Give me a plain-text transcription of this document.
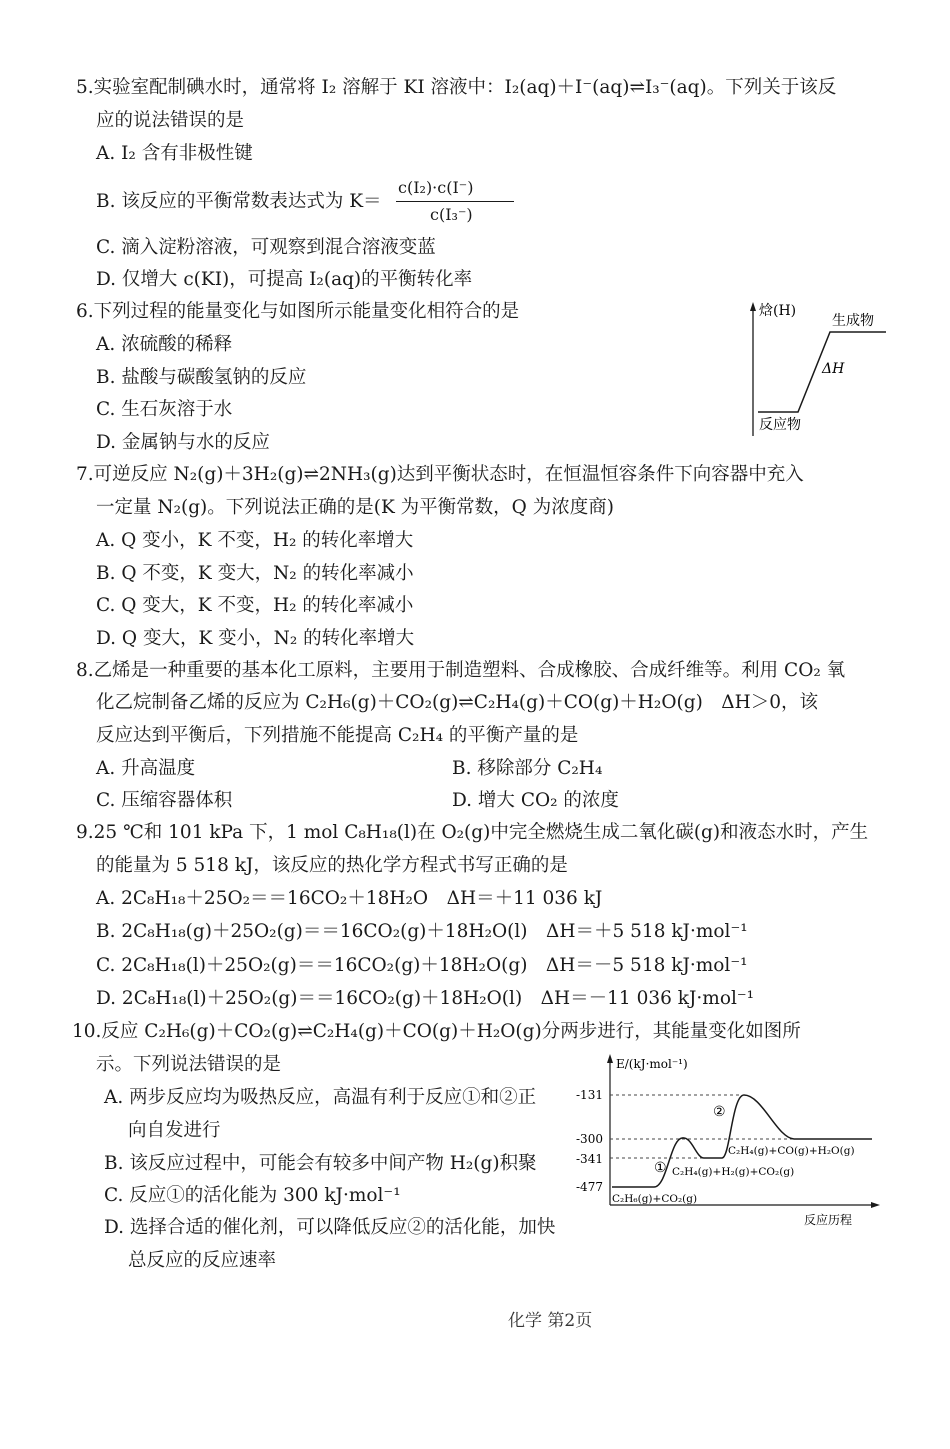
5.实验室配制碘水时，通常将 I₂ 溶解于 KI 溶液中：I₂(aq)＋I⁻(aq)⇌I₃⁻(aq)。下列关于该反
应的说法错误的是
A. I₂ 含有非极性键
B. 该反应的平衡常数表达式为 K＝
c(I₂)·c(I⁻)
c(I₃⁻)
C. 滴入淀粉溶液，可观察到混合溶液变蓝
D. 仅增大 c(KI)，可提高 I₂(aq)的平衡转化率
6.下列过程的能量变化与如图所示能量变化相符合的是
A. 浓硫酸的稀释
B. 盐酸与碳酸氢钠的反应
C. 生石灰溶于水
D. 金属钠与水的反应
焓(H)
生成物
ΔH
反应物
7.可逆反应 N₂(g)＋3H₂(g)⇌2NH₃(g)达到平衡状态时，在恒温恒容条件下向容器中充入
一定量 N₂(g)。下列说法正确的是(K 为平衡常数，Q 为浓度商)
A. Q 变小，K 不变，H₂ 的转化率增大
B. Q 不变，K 变大，N₂ 的转化率减小
C. Q 变大，K 不变，H₂ 的转化率减小
D. Q 变大，K 变小，N₂ 的转化率增大
8.乙烯是一种重要的基本化工原料，主要用于制造塑料、合成橡胶、合成纤维等。利用 CO₂ 氧
化乙烷制备乙烯的反应为 C₂H₆(g)＋CO₂(g)⇌C₂H₄(g)＋CO(g)＋H₂O(g)　ΔH＞0，该
反应达到平衡后，下列措施不能提高 C₂H₄ 的平衡产量的是
A. 升高温度	B. 移除部分 C₂H₄
C. 压缩容器体积	D. 增大 CO₂ 的浓度
9.25 ℃和 101 kPa 下，1 mol C₈H₁₈(l)在 O₂(g)中完全燃烧生成二氧化碳(g)和液态水时，产生
的能量为 5 518 kJ，该反应的热化学方程式书写正确的是
A. 2C₈H₁₈＋25O₂＝＝16CO₂＋18H₂O　ΔH＝＋11 036 kJ
B. 2C₈H₁₈(g)＋25O₂(g)＝＝16CO₂(g)＋18H₂O(l)　ΔH＝＋5 518 kJ·mol⁻¹
C. 2C₈H₁₈(l)＋25O₂(g)＝＝16CO₂(g)＋18H₂O(g)　ΔH＝－5 518 kJ·mol⁻¹
D. 2C₈H₁₈(l)＋25O₂(g)＝＝16CO₂(g)＋18H₂O(l)　ΔH＝－11 036 kJ·mol⁻¹
10.反应 C₂H₆(g)＋CO₂(g)⇌C₂H₄(g)＋CO(g)＋H₂O(g)分两步进行，其能量变化如图所
示。下列说法错误的是
A. 两步反应均为吸热反应，高温有利于反应①和②正
向自发进行
B. 该反应过程中，可能会有较多中间产物 H₂(g)积聚
C. 反应①的活化能为 300 kJ·mol⁻¹
D. 选择合适的催化剂，可以降低反应②的活化能，加快
总反应的反应速率
E/(kJ·mol⁻¹)
反应历程
-131
-300
-341
-477
①
②
C₂H₆(g)+CO₂(g)
C₂H₄(g)+H₂(g)+CO₂(g)
C₂H₄(g)+CO(g)+H₂O(g)
化学 第2页
